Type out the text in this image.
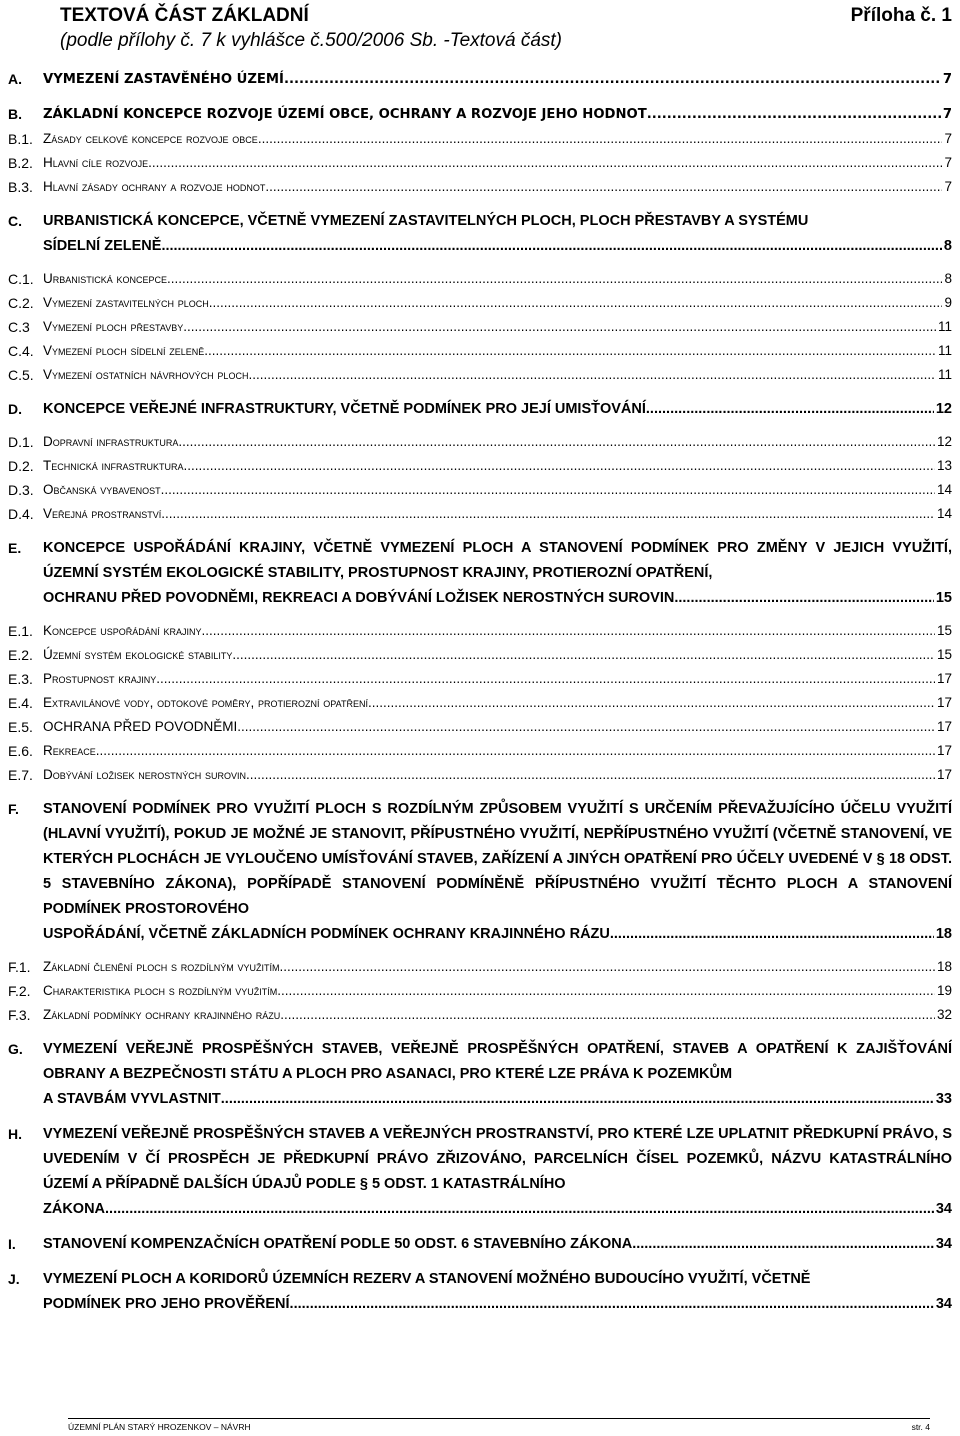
TEXTOVÁ ČÁST ZÁKLADNÍ	Příloha č. 1
(podle přílohy č. 7 k vyhlášce č.500/2006 Sb. -Textová část)
A. VYMEZENÍ ZASTAVĚNÉHO ÚZEMÍ .....	7
B. ZÁKLADNÍ KONCEPCE ROZVOJE ÚZEMÍ OBCE, OCHRANY A ROZVOJE JEHO HODNOT .....	7
B.1. Zásady celkové koncepce rozvoje obce .....	7
B.2. Hlavní cíle rozvoje .....	7
B.3. Hlavní zásady ochrany a rozvoje hodnot .....	7
C. URBANISTICKÁ KONCEPCE, VČETNĚ VYMEZENÍ ZASTAVITELNÝCH PLOCH, PLOCH PŘESTAVBY A SYSTÉMU
SÍDELNÍ ZELENĚ .....	8
C.1. Urbanistická koncepce .....	8
C.2. Vymezení zastavitelných ploch .....	9
C.3 Vymezení ploch přestavby .....	11
C.4. Vymezení ploch sídelní zeleně .....	11
C.5. Vymezení ostatních návrhových ploch .....	11
D. KONCEPCE VEŘEJNÉ INFRASTRUKTURY, VČETNĚ PODMÍNEK PRO JEJÍ UMISŤOVÁNÍ .....	12
D.1. Dopravní infrastruktura .....	12
D.2. Technická infrastruktura .....	13
D.3. Občanská vybavenost .....	14
D.4. Veřejná prostranství .....	14
E. KONCEPCE USPOŘÁDÁNÍ KRAJINY, VČETNĚ VYMEZENÍ PLOCH A STANOVENÍ PODMÍNEK PRO ZMĚNY V JEJICH VYUŽITÍ, ÚZEMNÍ SYSTÉM EKOLOGICKÉ STABILITY, PROSTUPNOST KRAJINY, PROTIEROZNÍ OPATŘENÍ,
OCHRANU PŘED POVODNĚMI, REKREACI A DOBÝVÁNÍ LOŽISEK NEROSTNÝCH SUROVIN .....	15
E.1. Koncepce uspořádání krajiny .....	15
E.2. Územní systém ekologické stability .....	15
E.3. Prostupnost krajiny .....	17
E.4. Extravilánové vody, odtokové poměry, protierozní opatření .....	17
E.5. OCHRANA PŘED POVODNĚMI .....	17
E.6. Rekreace .....	17
E.7. Dobývání ložisek nerostných surovin .....	17
F. STANOVENÍ PODMÍNEK PRO VYUŽITÍ PLOCH S ROZDÍLNÝM ZPŮSOBEM VYUŽITÍ S URČENÍM PŘEVAŽUJÍCÍHO ÚČELU VYUŽITÍ (HLAVNÍ VYUŽITÍ), POKUD JE MOŽNÉ JE STANOVIT, PŘÍPUSTNÉHO VYUŽITÍ, NEPŘÍPUSTNÉHO VYUŽITÍ (VČETNĚ STANOVENÍ, VE KTERÝCH PLOCHÁCH JE VYLOUČENO UMÍSŤOVÁNÍ STAVEB, ZAŘÍZENÍ A JINÝCH OPATŘENÍ PRO ÚČELY UVEDENÉ V § 18 ODST. 5 STAVEBNÍHO ZÁKONA), POPŘÍPADĚ STANOVENÍ PODMÍNĚNĚ PŘÍPUSTNÉHO VYUŽITÍ TĚCHTO PLOCH A STANOVENÍ PODMÍNEK PROSTOROVÉHO
USPOŘÁDÁNÍ, VČETNĚ ZÁKLADNÍCH PODMÍNEK OCHRANY KRAJINNÉHO RÁZU .....	18
F.1. Základní členění ploch s rozdílným využitím .....	18
F.2. Charakteristika ploch s rozdílným využitím .....	19
F.3. Základní podmínky ochrany krajinného rázu .....	32
G. VYMEZENÍ VEŘEJNĚ PROSPĚŠNÝCH STAVEB, VEŘEJNĚ PROSPĚŠNÝCH OPATŘENÍ, STAVEB A OPATŘENÍ K ZAJIŠŤOVÁNÍ OBRANY A BEZPEČNOSTI STÁTU A PLOCH PRO ASANACI, PRO KTERÉ LZE PRÁVA K POZEMKŮM
A STAVBÁM VYVLASTNIT .....	33
H. VYMEZENÍ VEŘEJNĚ PROSPĚŠNÝCH STAVEB A VEŘEJNÝCH PROSTRANSTVÍ, PRO KTERÉ LZE UPLATNIT PŘEDKUPNÍ PRÁVO, S UVEDENÍM V ČÍ PROSPĚCH JE PŘEDKUPNÍ PRÁVO ZŘIZOVÁNO, PARCELNÍCH ČÍSEL POZEMKŮ, NÁZVU KATASTRÁLNÍHO ÚZEMÍ A PŘÍPADNĚ DALŠÍCH ÚDAJŮ PODLE § 5 ODST. 1 KATASTRÁLNÍHO
ZÁKONA .....	34
I. STANOVENÍ KOMPENZAČNÍCH OPATŘENÍ PODLE 50 ODST. 6 STAVEBNÍHO ZÁKONA .....	34
J. VYMEZENÍ PLOCH A KORIDORŮ ÚZEMNÍCH REZERV A STANOVENÍ MOŽNÉHO BUDOUCÍHO VYUŽITÍ, VČETNĚ
PODMÍNEK PRO JEHO PROVĚŘENÍ .....	34
ÚZEMNÍ PLÁN STARÝ HROZENKOV – NÁVRH	str. 4
